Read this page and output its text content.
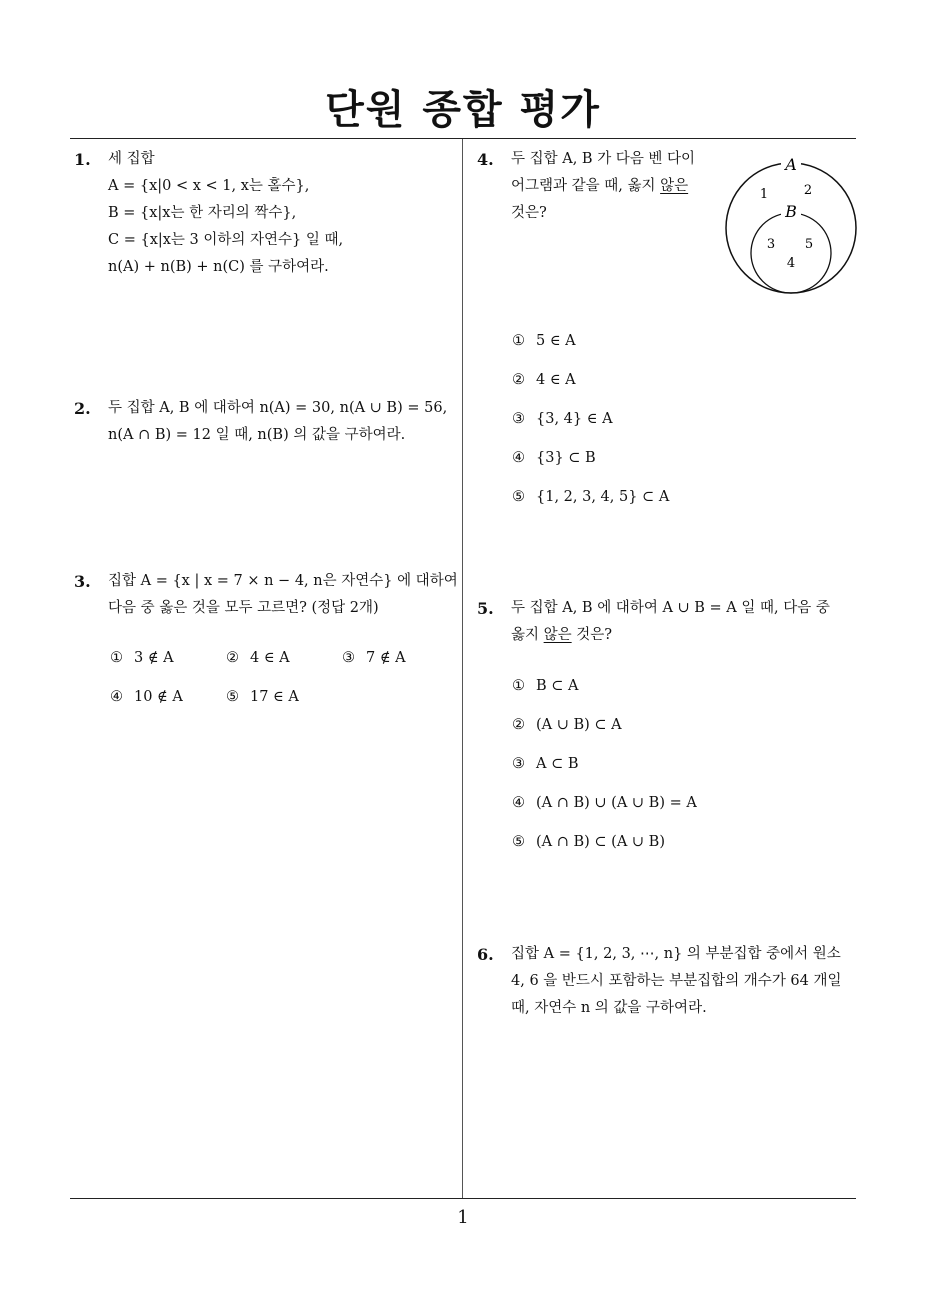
단원 종합 평가
1
1. 세 집합
A = {x|0 < x < 1, x는 홀수},
B = {x|x는 한 자리의 짝수},
C = {x|x는 3 이하의 자연수} 일 때,
n(A) + n(B) + n(C) 를 구하여라.
2. 두 집합 A, B 에 대하여 n(A) = 30, n(A ∪ B) = 56,
n(A ∩ B) = 12 일 때, n(B) 의 값을 구하여라.
3. 집합 A = {x | x = 7 × n − 4, n은 자연수} 에 대하여
다음 중 옳은 것을 모두 고르면? (정답 2개)
① 3 ∉ A	② 4 ∈ A	③ 7 ∉ A
④ 10 ∉ A	⑤ 17 ∈ A
4. 두 집합 A, B 가 다음 벤 다이
어그램과 같을 때, 옳지 않은
것은?
A
B
1	2
3 5
4
① 5 ∈ A
② 4 ∈ A
③ {3, 4} ∈ A
④ {3} ⊂ B
⑤ {1, 2, 3, 4, 5} ⊂ A
5. 두 집합 A, B 에 대하여 A ∪ B = A 일 때, 다음 중
옳지 않은 것은?
① B ⊂ A
② (A ∪ B) ⊂ A
③ A ⊂ B
④ (A ∩ B) ∪ (A ∪ B) = A
⑤ (A ∩ B) ⊂ (A ∪ B)
6. 집합 A = {1, 2, 3, ⋯, n} 의 부분집합 중에서 원소
4, 6 을 반드시 포함하는 부분집합의 개수가 64 개일
때, 자연수 n 의 값을 구하여라.
